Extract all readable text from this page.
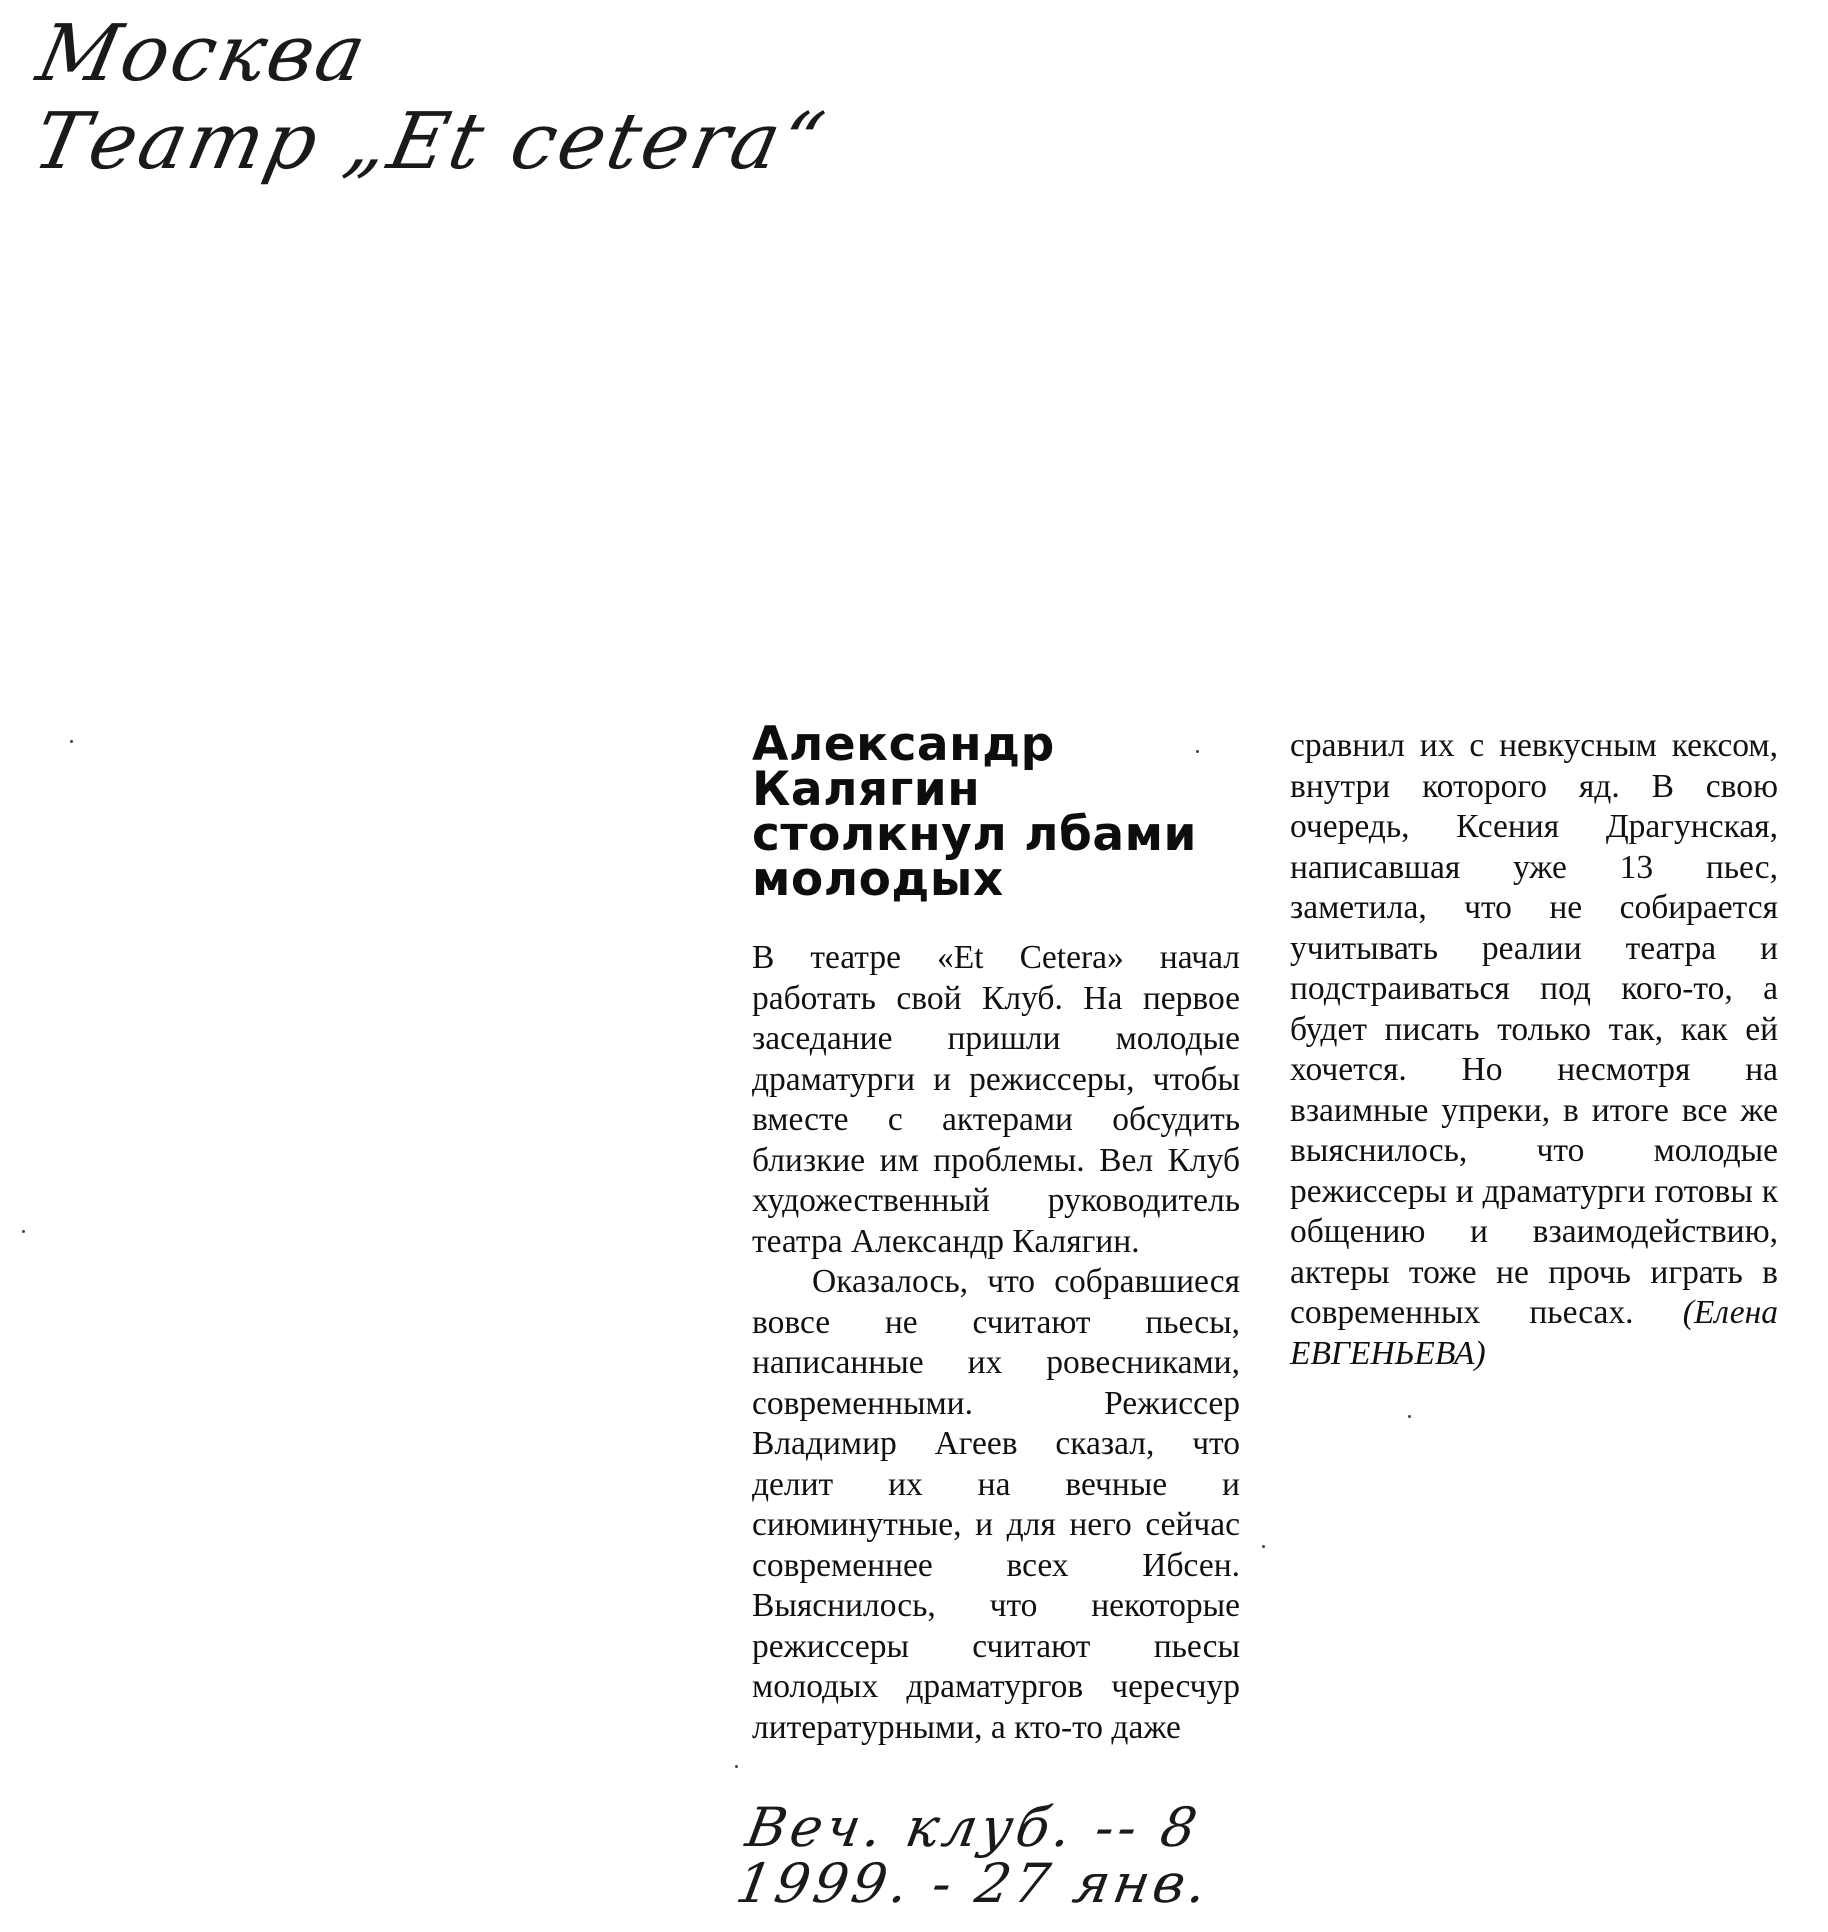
Москва
Театр „Et cetera“
Александр
Калягин
столкнул лбами
молодых

В театре «Et Cetera» начал работать свой Клуб. На первое заседание пришли молодые драматурги и режиссеры, чтобы вместе с актерами обсудить близкие им проблемы. Вел Клуб художественный руководитель театра Александр Калягин.

Оказалось, что собравшиеся вовсе не считают пьесы, написанные их ровесниками, современными. Режиссер Владимир Агеев сказал, что делит их на вечные и сиюминутные, и для него сейчас современнее всех Ибсен. Выяснилось, что некоторые режиссеры считают пьесы молодых драматургов чересчур литературными, а кто-то даже

сравнил их с невкусным кексом, внутри которого яд. В свою очередь, Ксения Драгунская, написавшая уже 13 пьес, заметила, что не собирается учитывать реалии театра и подстраиваться под кого-то, а будет писать только так, как ей хочется. Но несмотря на взаимные упреки, в итоге все же выяснилось, что молодые режиссеры и драматурги готовы к общению и взаимодействию, актеры тоже не прочь играть в современных пьесах. (Елена ЕВГЕНЬЕВА)

Веч. клуб. -- 8
1999. - 27 янв.
